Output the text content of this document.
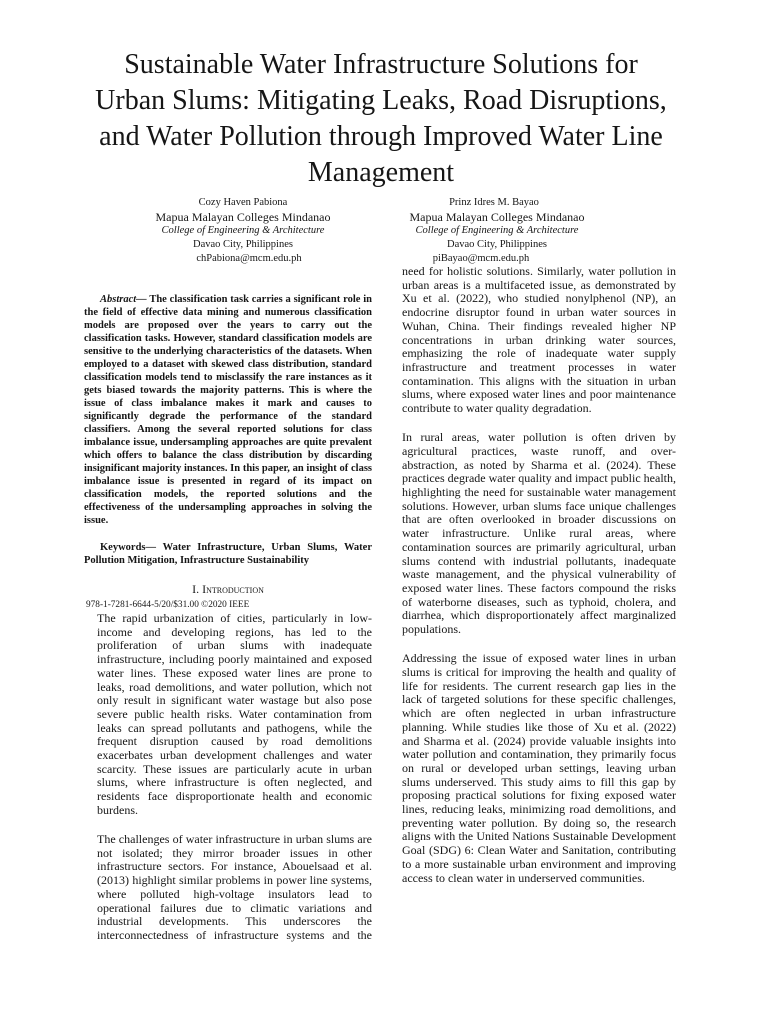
Sustainable Water Infrastructure Solutions for
Urban Slums: Mitigating Leaks, Road Disruptions,
and Water Pollution through Improved Water Line
Management
Cozy Haven Pabiona
Mapua Malayan Colleges Mindanao
College of Engineering & Architecture
Davao City, Philippines
chPabiona@mcm.edu.ph
Prinz Idres M. Bayao
Mapua Malayan Colleges Mindanao
College of Engineering & Architecture
Davao City, Philippines
piBayao@mcm.edu.ph

Abstract— The classification task carries a significant role in the field of effective data mining and numerous classification models are proposed over the years to carry out the classification tasks. However, standard classification models are sensitive to the underlying characteristics of the datasets. When employed to a dataset with skewed class distribution, standard classification models tend to misclassify the rare instances as it gets biased towards the majority patterns. This is where the issue of class imbalance makes it mark and causes to significantly degrade the performance of the standard classifiers. Among the several reported solutions for class imbalance issue, undersampling approaches are quite prevalent which offers to balance the class distribution by discarding insignificant majority instances. In this paper, an insight of class imbalance issue is presented in regard of its impact on classification models, the reported solutions and the effectiveness of the undersampling approaches in solving the issue.

Keywords— Water Infrastructure, Urban Slums, Water Pollution Mitigation, Infrastructure Sustainability

I. Introduction
978-1-7281-6644-5/20/$31.00 ©2020 IEEE

The rapid urbanization of cities, particularly in low-income and developing regions, has led to the proliferation of urban slums with inadequate infrastructure, including poorly maintained and exposed water lines. These exposed water lines are prone to leaks, road demolitions, and water pollution, which not only result in significant water wastage but also pose severe public health risks. Water contamination from leaks can spread pollutants and pathogens, while the frequent disruption caused by road demolitions exacerbates urban development challenges and water scarcity. These issues are particularly acute in urban slums, where infrastructure is often neglected, and residents face disproportionate health and economic burdens.

The challenges of water infrastructure in urban slums are not isolated; they mirror broader issues in other infrastructure sectors. For instance, Abouelsaad et al. (2013) highlight similar problems in power line systems, where polluted high-voltage insulators lead to operational failures due to climatic variations and industrial developments. This underscores the interconnectedness of infrastructure systems and the

need for holistic solutions. Similarly, water pollution in urban areas is a multifaceted issue, as demonstrated by Xu et al. (2022), who studied nonylphenol (NP), an endocrine disruptor found in urban water sources in Wuhan, China. Their findings revealed higher NP concentrations in urban drinking water sources, emphasizing the role of inadequate water supply infrastructure and treatment processes in water contamination. This aligns with the situation in urban slums, where exposed water lines and poor maintenance contribute to water quality degradation.

In rural areas, water pollution is often driven by agricultural practices, waste runoff, and over-abstraction, as noted by Sharma et al. (2024). These practices degrade water quality and impact public health, highlighting the need for sustainable water management solutions. However, urban slums face unique challenges that are often overlooked in broader discussions on water infrastructure. Unlike rural areas, where contamination sources are primarily agricultural, urban slums contend with industrial pollutants, inadequate waste management, and the physical vulnerability of exposed water lines. These factors compound the risks of waterborne diseases, such as typhoid, cholera, and diarrhea, which disproportionately affect marginalized populations.

Addressing the issue of exposed water lines in urban slums is critical for improving the health and quality of life for residents. The current research gap lies in the lack of targeted solutions for these specific challenges, which are often neglected in urban infrastructure planning. While studies like those of Xu et al. (2022) and Sharma et al. (2024) provide valuable insights into water pollution and contamination, they primarily focus on rural or developed urban settings, leaving urban slums underserved. This study aims to fill this gap by proposing practical solutions for fixing exposed water lines, reducing leaks, minimizing road demolitions, and preventing water pollution. By doing so, the research aligns with the United Nations Sustainable Development Goal (SDG) 6: Clean Water and Sanitation, contributing to a more sustainable urban environment and improving access to clean water in underserved communities.
